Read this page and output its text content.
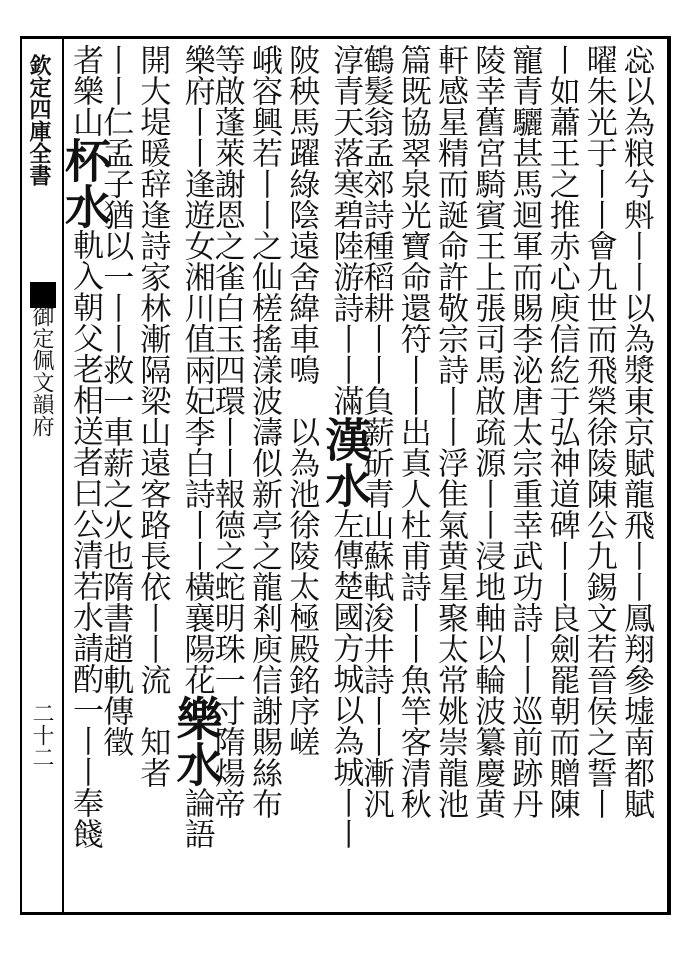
欽定四庫全書
御定佩文韻府
二十二	惢以為粮兮斞丨丨以為漿東京賦龍飛丨丨鳳翔參墟南都賦
曜朱光于丨丨會九世而飛榮徐陵陳公九錫文若晉侯之誓丨
丨如蕭王之推赤心庾信紇于弘神道碑丨丨良劍罷朝而贈陳
寵青驪甚馬迴軍而賜李泌唐太宗重幸武功詩丨丨巡前跡丹
陵幸舊宮騎賓王上張司馬啟疏源丨丨浸地軸以輪波纂慶黄
軒感星精而誕命許敬宗詩丨丨浮隹氣黄星聚太常姚崇龍池
篇既協翠泉光寶命還符丨丨出真人杜甫詩丨丨魚竿客清秋
鶴髮翁孟郊詩種稻耕丨丨負薪斫青山蘇軾浚井詩丨丨漸汎
淳青天落寒碧陸游詩丨丨滿漢水左傳楚國方城以為城丨丨
陂秧馬躍綠陰遠舍緯車鳴　以為池徐陵太極殿銘序嵯
峨容興若丨丨之仙槎搖漾波濤似新亭之龍剎庾信謝賜絲布
等啟蓬萊謝恩之雀白玉四環丨丨報德之蛇明珠一寸隋煬帝
樂府丨丨逢遊女湘川值兩妃李白詩丨丨橫襄陽花樂水論語
開大堤暖辞逢詩家林漸隔梁山遠客路長依丨丨流　知者
丨丨仁孟子猶以一丨丨救一車薪之火也隋書趙軌傳徵
者樂山杯水軌入朝父老相送者曰公清若水請酌一丨丨奉餞
